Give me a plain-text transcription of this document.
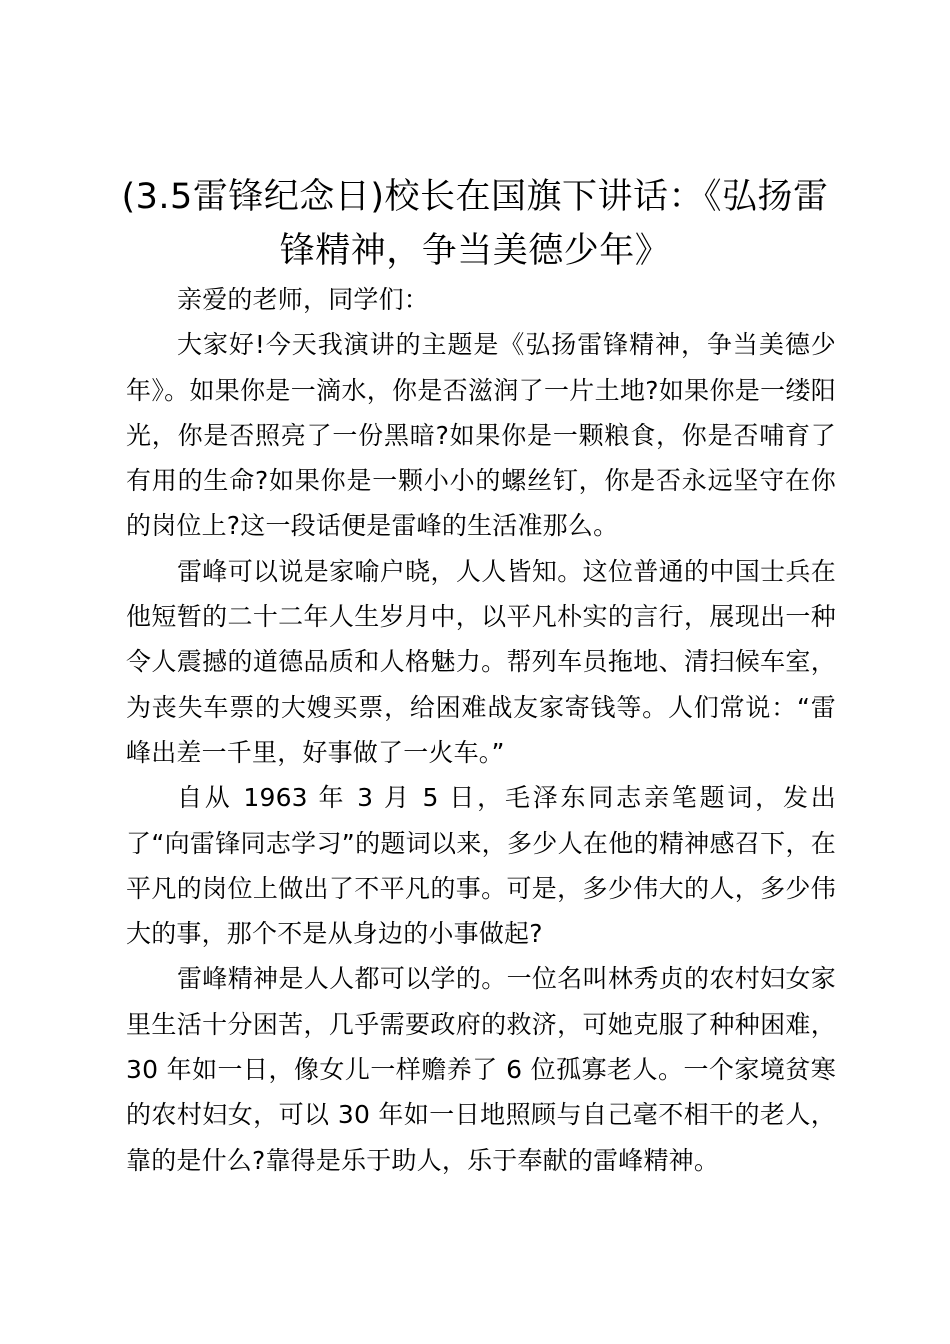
(3.5雷锋纪念日)校长在国旗下讲话：《弘扬雷锋精神，争当美德少年》

亲爱的老师，同学们：

大家好!今天我演讲的主题是《弘扬雷锋精神，争当美德少年》。如果你是一滴水，你是否滋润了一片土地?如果你是一缕阳光，你是否照亮了一份黑暗?如果你是一颗粮食，你是否哺育了有用的生命?如果你是一颗小小的螺丝钉，你是否永远坚守在你的岗位上?这一段话便是雷峰的生活准那么。

雷峰可以说是家喻户晓，人人皆知。这位普通的中国士兵在他短暂的二十二年人生岁月中，以平凡朴实的言行，展现出一种令人震撼的道德品质和人格魅力。帮列车员拖地、清扫候车室，为丧失车票的大嫂买票，给困难战友家寄钱等。人们常说：“雷峰出差一千里，好事做了一火车。”

自从 1963 年 3 月 5 日，毛泽东同志亲笔题词，发出了“向雷锋同志学习”的题词以来，多少人在他的精神感召下，在平凡的岗位上做出了不平凡的事。可是，多少伟大的人，多少伟大的事，那个不是从身边的小事做起?

雷峰精神是人人都可以学的。一位名叫林秀贞的农村妇女家里生活十分困苦，几乎需要政府的救济，可她克服了种种困难，30 年如一日，像女儿一样赡养了 6 位孤寡老人。一个家境贫寒的农村妇女，可以 30 年如一日地照顾与自己毫不相干的老人，靠的是什么?靠得是乐于助人，乐于奉献的雷峰精神。
